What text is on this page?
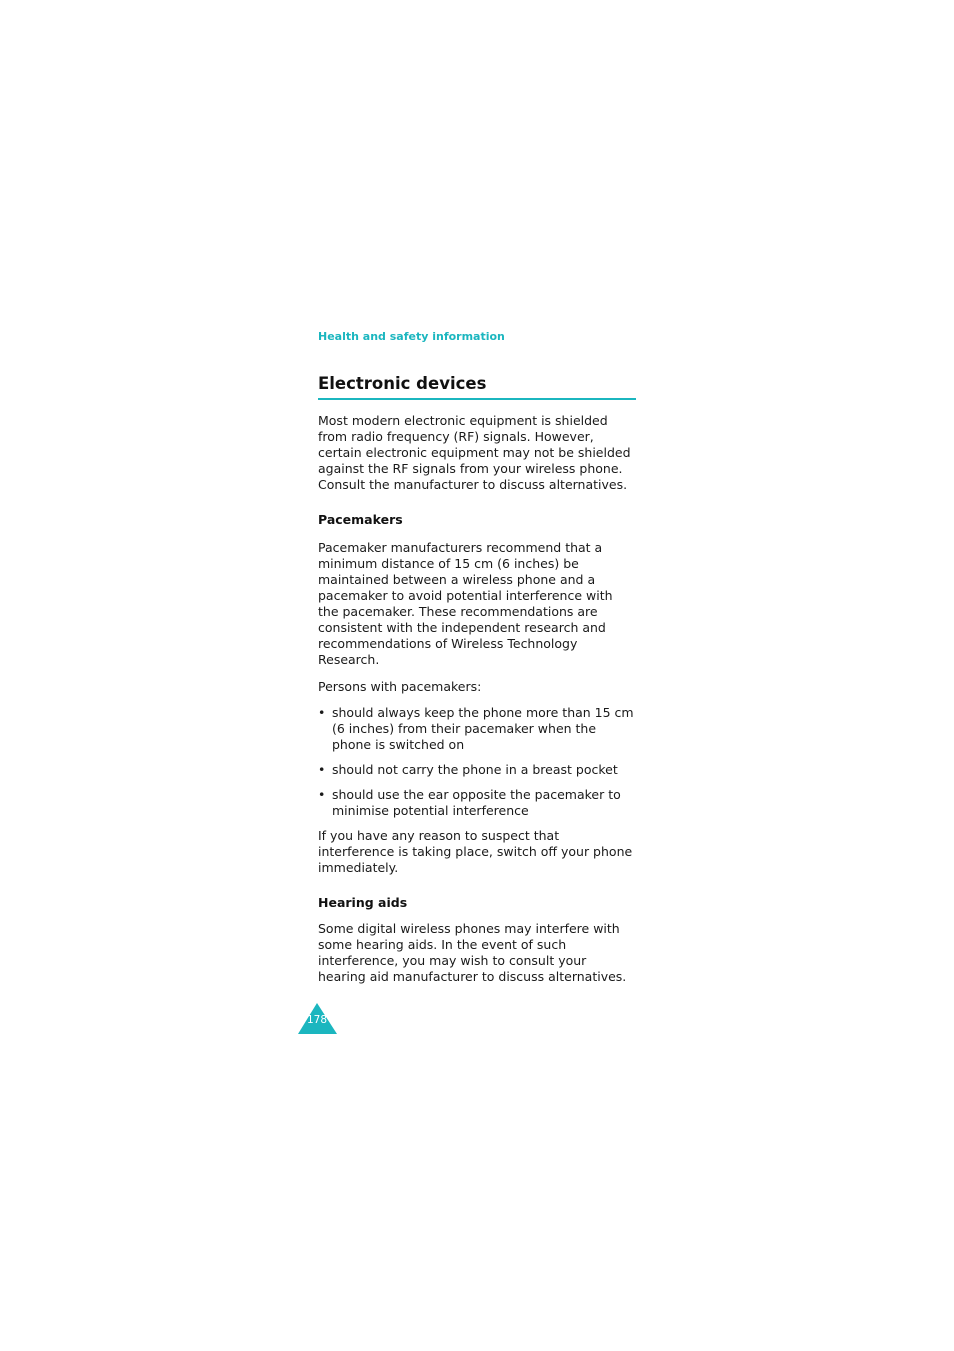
Health and safety information
Electronic devices

Most modern electronic equipment is shielded from radio frequency (RF) signals. However, certain electronic equipment may not be shielded against the RF signals from your wireless phone. Consult the manufacturer to discuss alternatives.

Pacemakers

Pacemaker manufacturers recommend that a minimum distance of 15 cm (6 inches) be maintained between a wireless phone and a pacemaker to avoid potential interference with the pacemaker. These recommendations are consistent with the independent research and recommendations of Wireless Technology Research.

Persons with pacemakers:

• should always keep the phone more than 15 cm (6 inches) from their pacemaker when the phone is switched on
• should not carry the phone in a breast pocket
• should use the ear opposite the pacemaker to minimise potential interference

If you have any reason to suspect that interference is taking place, switch off your phone immediately.

Hearing aids

Some digital wireless phones may interfere with some hearing aids. In the event of such interference, you may wish to consult your hearing aid manufacturer to discuss alternatives.

178
